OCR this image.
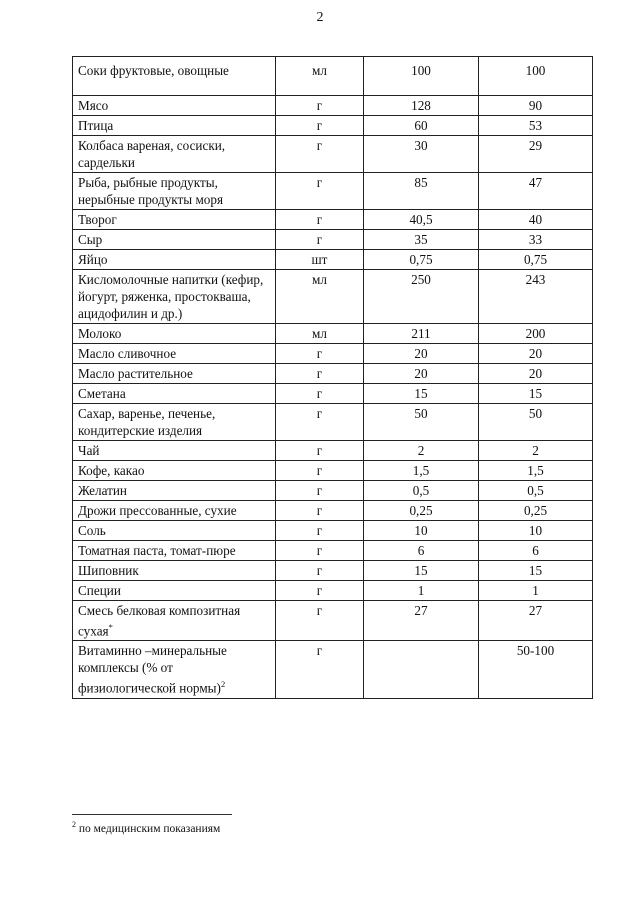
2
Соки фруктовые, овощные	мл	100	100
Мясо	г	128	90
Птица	г	60	53
Колбаса вареная, сосиски, сардельки	г	30	29
Рыба, рыбные продукты, нерыбные продукты моря	г	85	47
Творог	г	40,5	40
Сыр	г	35	33
Яйцо	шт	0,75	0,75
Кисломолочные напитки (кефир, йогурт, ряженка, простокваша, ацидофилин и др.)	мл	250	243
Молоко	мл	211	200
Масло сливочное	г	20	20
Масло растительное	г	20	20
Сметана	г	15	15
Сахар, варенье, печенье, кондитерские изделия	г	50	50
Чай	г	2	2
Кофе, какао	г	1,5	1,5
Желатин	г	0,5	0,5
Дрожи прессованные, сухие	г	0,25	0,25
Соль	г	10	10
Томатная паста, томат-пюре	г	6	6
Шиповник	г	15	15
Специи	г	1	1
Смесь белковая композитная сухая*	г	27	27
Витаминно –минеральные комплексы (% от физиологической нормы)$^2$	г		50-100
$^2$ по медицинским показаниям
